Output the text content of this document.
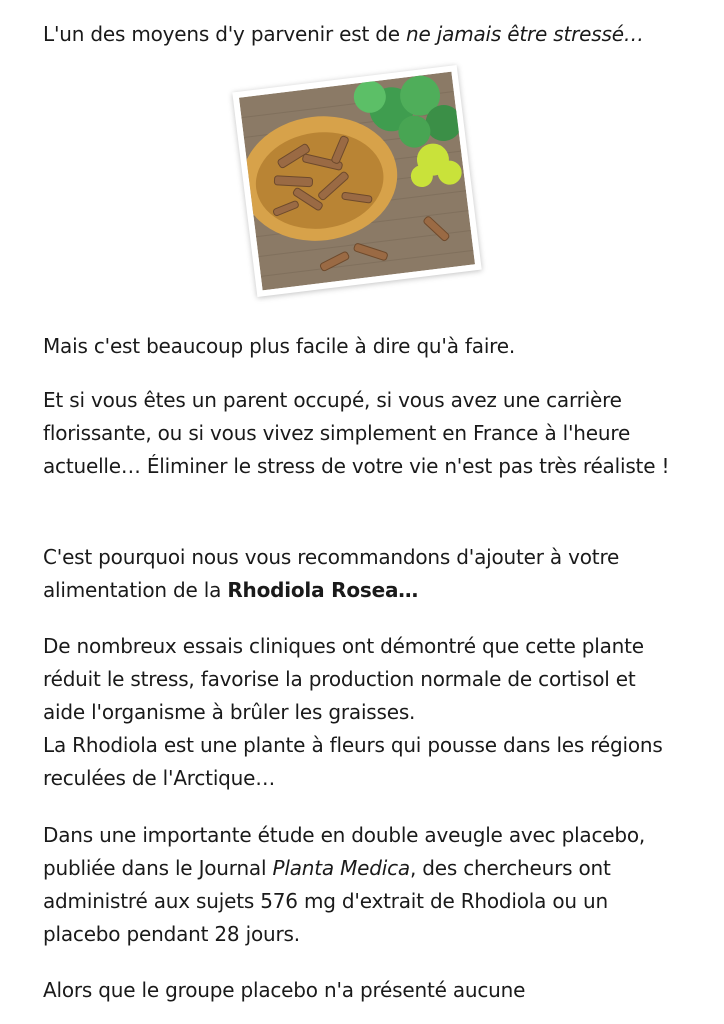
L'un des moyens d'y parvenir est de ne jamais être stressé…

Mais c'est beaucoup plus facile à dire qu'à faire.

Et si vous êtes un parent occupé, si vous avez une carrière florissante, ou si vous vivez simplement en France à l'heure actuelle… Éliminer le stress de votre vie n'est pas très réaliste !

C'est pourquoi nous vous recommandons d'ajouter à votre alimentation de la Rhodiola Rosea…

De nombreux essais cliniques ont démontré que cette plante réduit le stress, favorise la production normale de cortisol et aide l'organisme à brûler les graisses.
La Rhodiola est une plante à fleurs qui pousse dans les régions reculées de l'Arctique…

Dans une importante étude en double aveugle avec placebo, publiée dans le Journal Planta Medica, des chercheurs ont administré aux sujets 576 mg d'extrait de Rhodiola ou un placebo pendant 28 jours.

Alors que le groupe placebo n'a présenté aucune
